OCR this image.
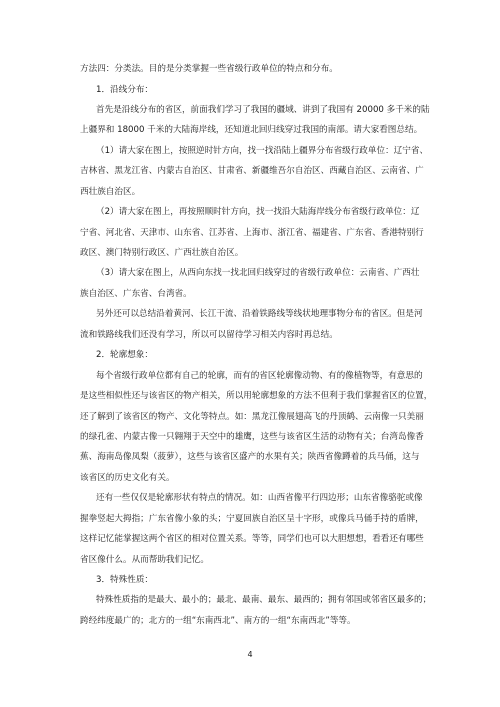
方法四：分类法。目的是分类掌握一些省级行政单位的特点和分布。

1．沿线分布：

首先是沿线分布的省区，前面我们学习了我国的疆域、讲到了我国有 20000 多千米的陆

上疆界和 18000 千米的大陆海岸线，还知道北回归线穿过我国的南部。请大家看图总结。

（1）请大家在图上，按照逆时针方向，找一找沿陆上疆界分布省级行政单位：辽宁省、

吉林省、黑龙江省、内蒙古自治区、甘肃省、新疆维吾尔自治区、西藏自治区、云南省、广

西壮族自治区。

（2）请大家在图上，再按照顺时针方向，找一找沿大陆海岸线分布省级行政单位：辽

宁省、河北省、天津市、山东省、江苏省、上海市、浙江省、福建省、广东省、香港特别行

政区、澳门特别行政区、广西壮族自治区。

（3）请大家在图上，从西向东找一找北回归线穿过的省级行政单位：云南省、广西壮

族自治区、广东省、台湾省。

另外还可以总结沿着黄河、长江干流、沿着铁路线等线状地理事物分布的省区。但是河

流和铁路线我们还没有学习，所以可以留待学习相关内容时再总结。

2．轮廓想象：

每个省级行政单位都有自己的轮廓，而有的省区轮廓像动物、有的像植物等，有意思的

是这些相似性还与该省区的物产相关，所以用轮廓想象的方法不但利于我们掌握省区的位置，

还了解到了该省区的物产、文化等特点。如：黑龙江像展翅高飞的丹顶鹤、云南像一只美丽

的绿孔雀、内蒙古像一只翱翔于天空中的雄鹰，这些与该省区生活的动物有关；台湾岛像香

蕉、海南岛像凤梨（菠萝），这些与该省区盛产的水果有关；陕西省像蹲着的兵马俑，这与

该省区的历史文化有关。

还有一些仅仅是轮廓形状有特点的情况。如：山西省像平行四边形；山东省像骆驼或像

握拳竖起大拇指；广东省像小象的头；宁夏回族自治区呈十字形，或像兵马俑手持的盾牌，

这样记忆能掌握这两个省区的相对位置关系。等等，同学们也可以大胆想想，看看还有哪些

省区像什么。从而帮助我们记忆。

3．特殊性质：

特殊性质指的是最大、最小的；最北、最南、最东、最西的；拥有邻国或邻省区最多的；

跨经纬度最广的；北方的一组“东南西北”、南方的一组“东南西北”等等。

4
